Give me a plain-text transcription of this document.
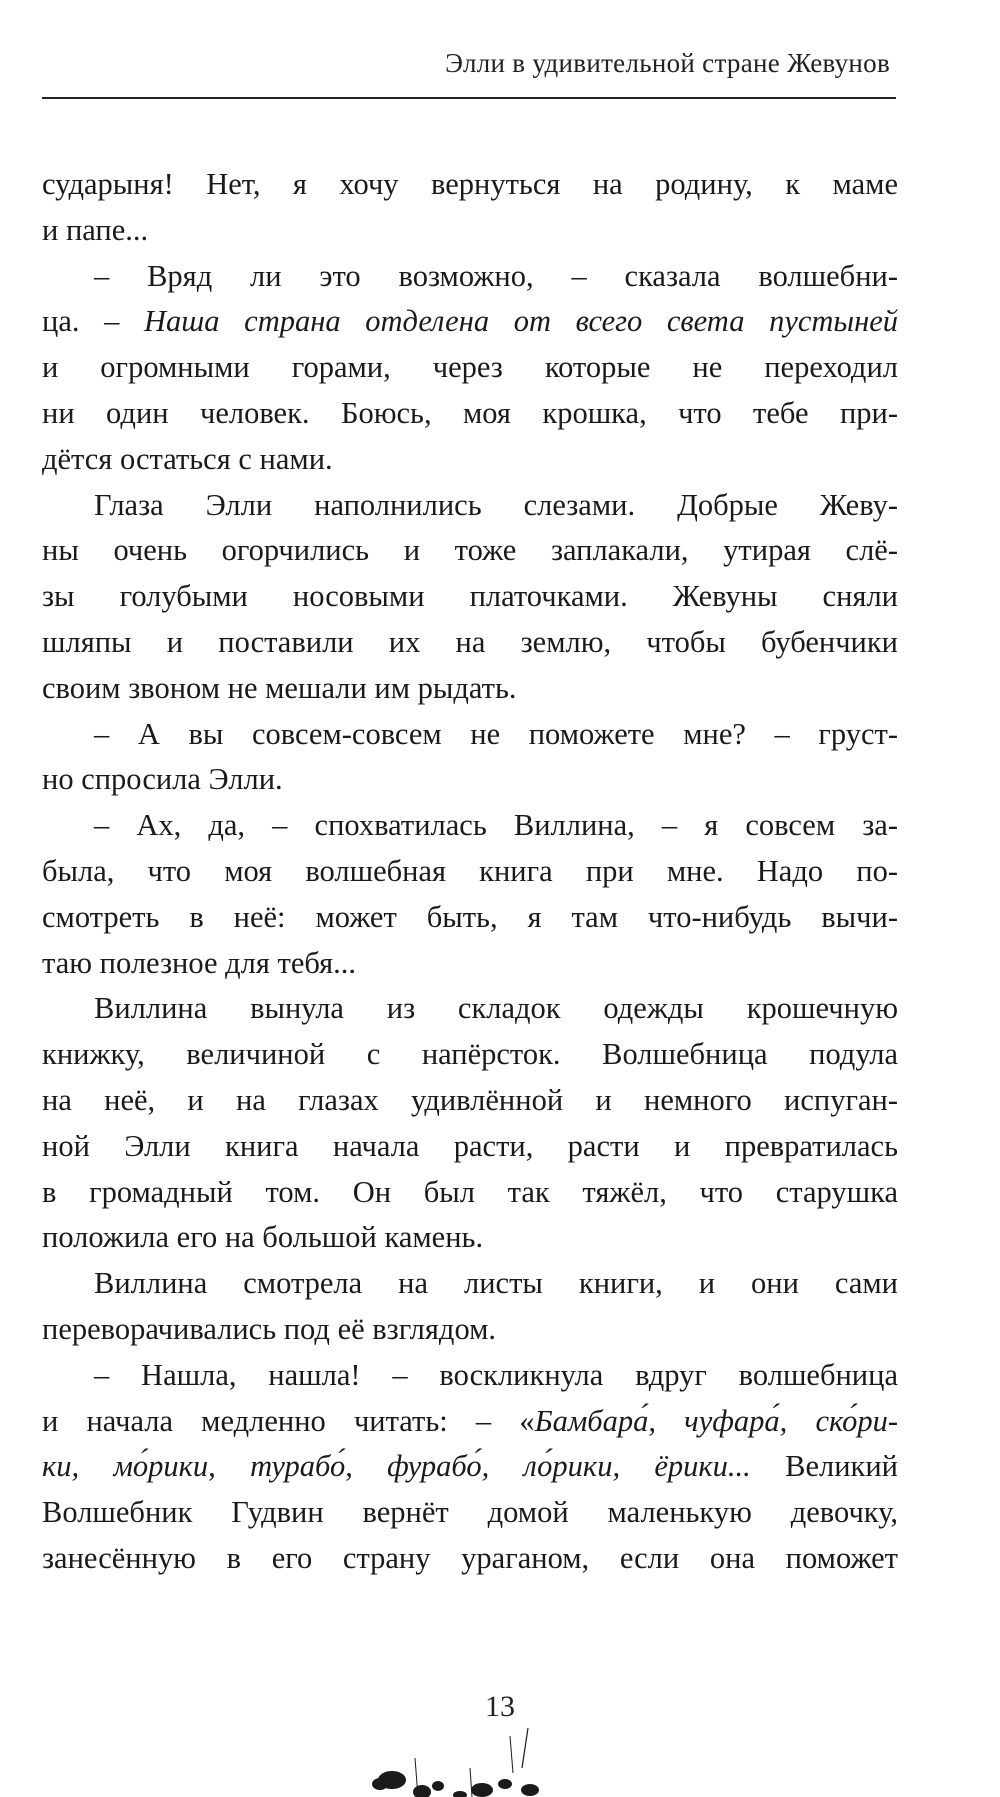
Элли в удивительной стране Жевунов
сударыня! Нет, я хочу вернуться на родину, к маме
и папе...
– Вряд ли это возможно, – сказала волшебни-
ца. – Наша страна отделена от всего света пустыней
и огромными горами, через которые не переходил
ни один человек. Боюсь, моя крошка, что тебе при-
дётся остаться с нами.
Глаза Элли наполнились слезами. Добрые Жеву-
ны очень огорчились и тоже заплакали, утирая слё-
зы голубыми носовыми платочками. Жевуны сняли
шляпы и поставили их на землю, чтобы бубенчики
своим звоном не мешали им рыдать.
– А вы совсем-совсем не поможете мне? – груст-
но спросила Элли.
– Ах, да, – спохватилась Виллина, – я совсем за-
была, что моя волшебная книга при мне. Надо по-
смотреть в неё: может быть, я там что-нибудь вычи-
таю полезное для тебя...
Виллина вынула из складок одежды крошечную
книжку, величиной с напёрсток. Волшебница подула
на неё, и на глазах удивлённой и немного испуган-
ной Элли книга начала расти, расти и превратилась
в громадный том. Он был так тяжёл, что старушка
положила его на большой камень.
Виллина смотрела на листы книги, и они сами
переворачивались под её взглядом.
– Нашла, нашла! – воскликнула вдруг волшебница
и начала медленно читать: – «Бамбара́, чуфара́, ско́ри-
ки, мо́рики, турабо́, фурабо́, ло́рики, ёрики... Великий
Волшебник Гудвин вернёт домой маленькую девочку,
занесённую в его страну ураганом, если она поможет
13
